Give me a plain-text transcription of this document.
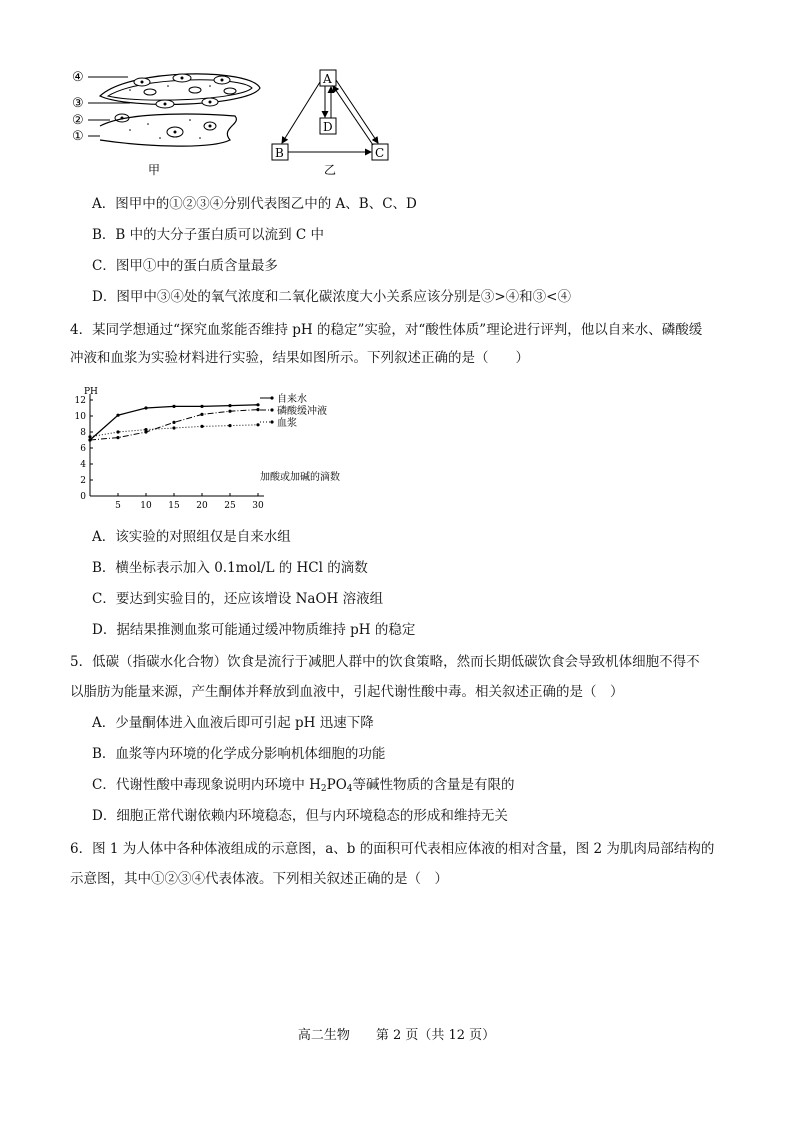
④
③
②
①
甲
A
D
B	C
乙
A．图甲中的①②③④分别代表图乙中的 A、B、C、D
B．B 中的大分子蛋白质可以流到 C 中
C．图甲①中的蛋白质含量最多
D．图甲中③④处的氧气浓度和二氧化碳浓度大小关系应该分别是③>④和③<④
4．某同学想通过“探究血浆能否维持 pH 的稳定”实验，对“酸性体质”理论进行评判，他以自来水、磷酸缓
冲液和血浆为实验材料进行实验，结果如图所示。下列叙述正确的是（　　）
PH
0
2
4
6
8
10
12
5 10 15 20 25 30
加酸或加碱的滴数
自来水
磷酸缓冲液
血浆
A．该实验的对照组仅是自来水组
B．横坐标表示加入 0.1mol/L 的 HCl 的滴数
C．要达到实验目的，还应该增设 NaOH 溶液组
D．据结果推测血浆可能通过缓冲物质维持 pH 的稳定
5．低碳（指碳水化合物）饮食是流行于减肥人群中的饮食策略，然而长期低碳饮食会导致机体细胞不得不
以脂肪为能量来源，产生酮体并释放到血液中，引起代谢性酸中毒。相关叙述正确的是（　）
A．少量酮体进入血液后即可引起 pH 迅速下降
B．血浆等内环境的化学成分影响机体细胞的功能
C．代谢性酸中毒现象说明内环境中 $H_2PO_4$等碱性物质的含量是有限的
D．细胞正常代谢依赖内环境稳态，但与内环境稳态的形成和维持无关
6．图 1 为人体中各种体液组成的示意图，a、b 的面积可代表相应体液的相对含量，图 2 为肌肉局部结构的
示意图，其中①②③④代表体液。下列相关叙述正确的是（　）
高二生物　　第 2 页（共 12 页）
